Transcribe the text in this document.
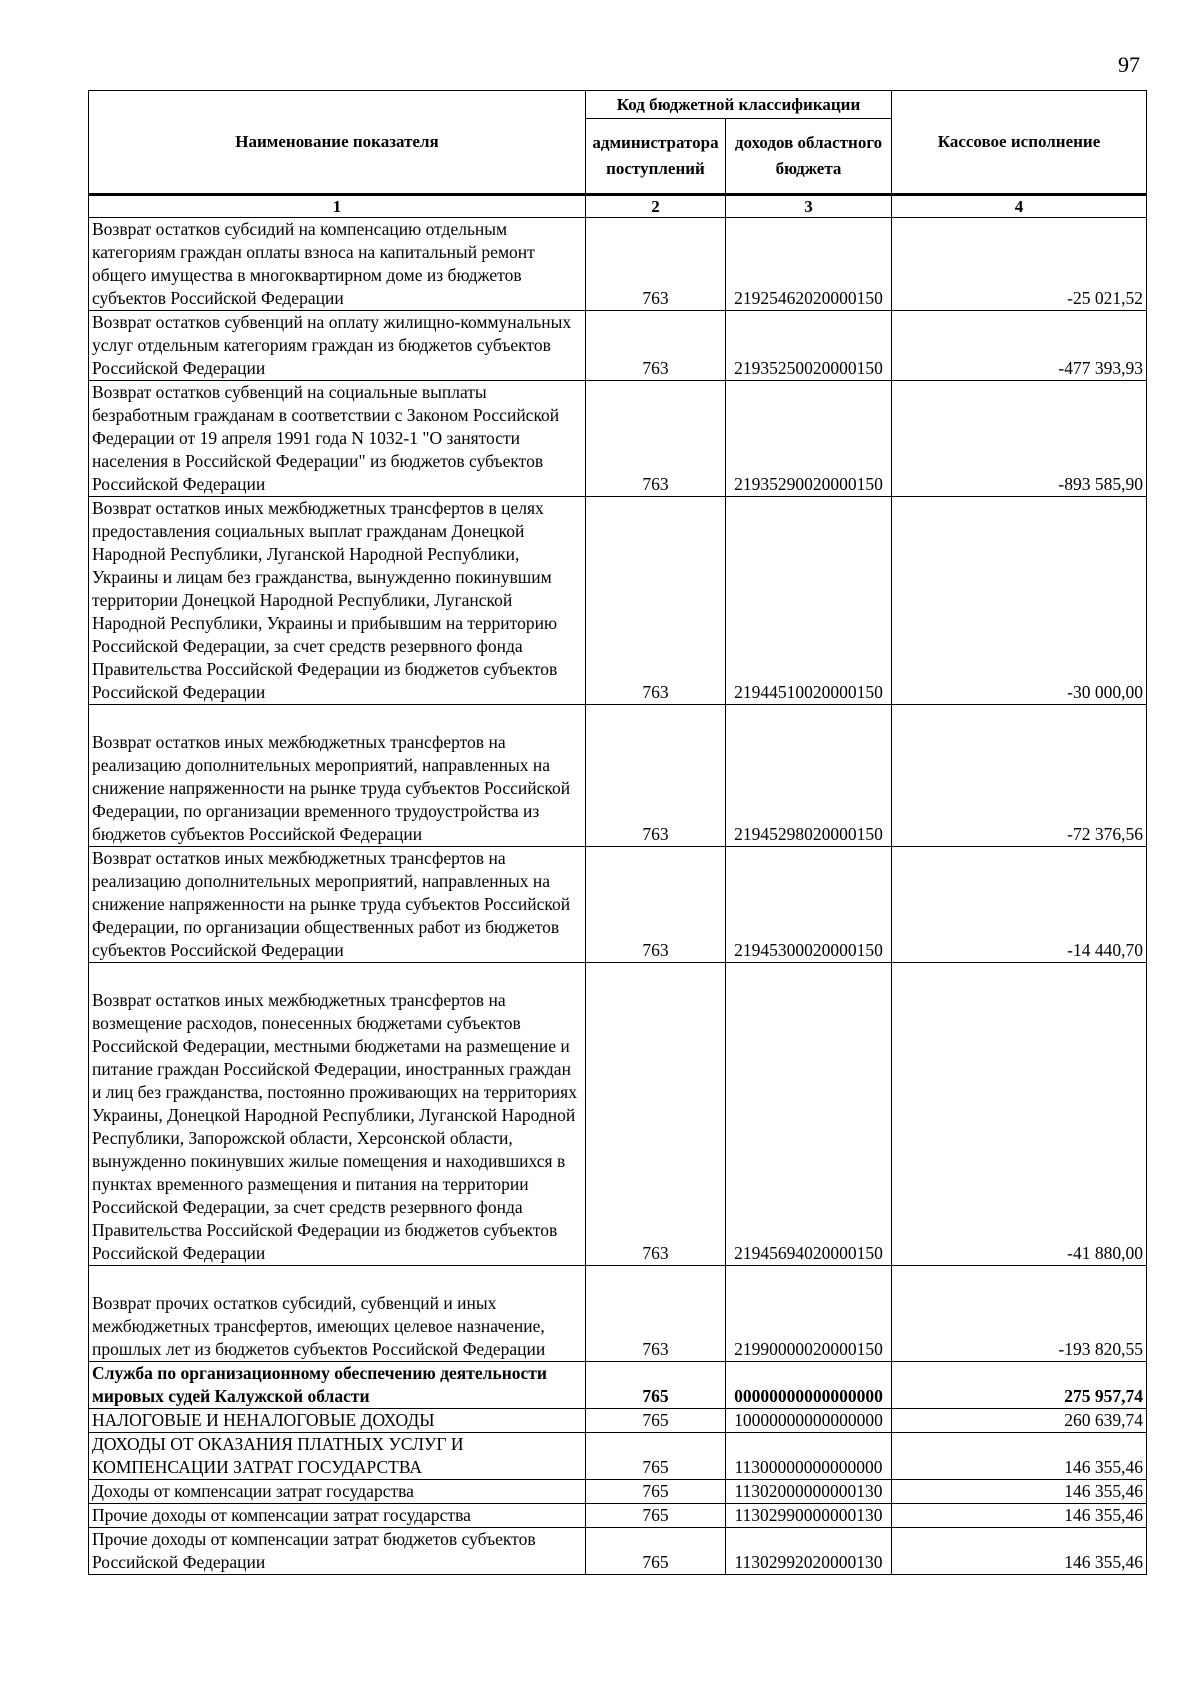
97
Наименование показателя	Код бюджетной классификации		Кассовое исполнение
	администратора поступлений	доходов областного бюджета	
1	2	3	4
Возврат остатков субсидий на компенсацию отдельным категориям граждан оплаты взноса на капитальный ремонт общего имущества в многоквартирном доме из бюджетов субъектов Российской Федерации	763	21925462020000150	-25 021,52
Возврат остатков субвенций на оплату жилищно-коммунальных услуг отдельным категориям граждан из бюджетов субъектов Российской Федерации	763	21935250020000150	-477 393,93
Возврат остатков субвенций на социальные выплаты безработным гражданам в соответствии с Законом Российской Федерации от 19 апреля 1991 года N 1032-1 "О занятости населения в Российской Федерации" из бюджетов субъектов Российской Федерации	763	21935290020000150	-893 585,90
Возврат остатков иных межбюджетных трансфертов в целях предоставления социальных выплат гражданам Донецкой Народной Республики, Луганской Народной Республики, Украины и лицам без гражданства, вынужденно покинувшим территории Донецкой Народной Республики, Луганской Народной Республики, Украины и прибывшим на территорию Российской Федерации, за счет средств резервного фонда Правительства Российской Федерации из бюджетов субъектов Российской Федерации	763	21944510020000150	-30 000,00
Возврат остатков иных межбюджетных трансфертов на реализацию дополнительных мероприятий, направленных на снижение напряженности на рынке труда субъектов Российской Федерации, по организации временного трудоустройства из бюджетов субъектов Российской Федерации	763	21945298020000150	-72 376,56
Возврат остатков иных межбюджетных трансфертов на реализацию дополнительных мероприятий, направленных на снижение напряженности на рынке труда субъектов Российской Федерации, по организации общественных работ из бюджетов субъектов Российской Федерации	763	21945300020000150	-14 440,70
Возврат остатков иных межбюджетных трансфертов на возмещение расходов, понесенных бюджетами субъектов Российской Федерации, местными бюджетами на размещение и питание граждан Российской Федерации, иностранных граждан и лиц без гражданства, постоянно проживающих на территориях Украины, Донецкой Народной Республики, Луганской Народной Республики, Запорожской области, Херсонской области, вынужденно покинувших жилые помещения и находившихся в пунктах временного размещения и питания на территории Российской Федерации, за счет средств резервного фонда Правительства Российской Федерации из бюджетов субъектов Российской Федерации	763	21945694020000150	-41 880,00
Возврат прочих остатков субсидий, субвенций и иных межбюджетных трансфертов, имеющих целевое назначение, прошлых лет из бюджетов субъектов Российской Федерации	763	21990000020000150	-193 820,55
Служба по организационному обеспечению деятельности мировых судей Калужской области	765	00000000000000000	275 957,74
НАЛОГОВЫЕ И НЕНАЛОГОВЫЕ ДОХОДЫ	765	10000000000000000	260 639,74
ДОХОДЫ ОТ ОКАЗАНИЯ ПЛАТНЫХ УСЛУГ И КОМПЕНСАЦИИ ЗАТРАТ ГОСУДАРСТВА	765	11300000000000000	146 355,46
Доходы от компенсации затрат государства	765	11302000000000130	146 355,46
Прочие доходы от компенсации затрат государства	765	11302990000000130	146 355,46
Прочие доходы от компенсации затрат бюджетов субъектов Российской Федерации	765	11302992020000130	146 355,46
